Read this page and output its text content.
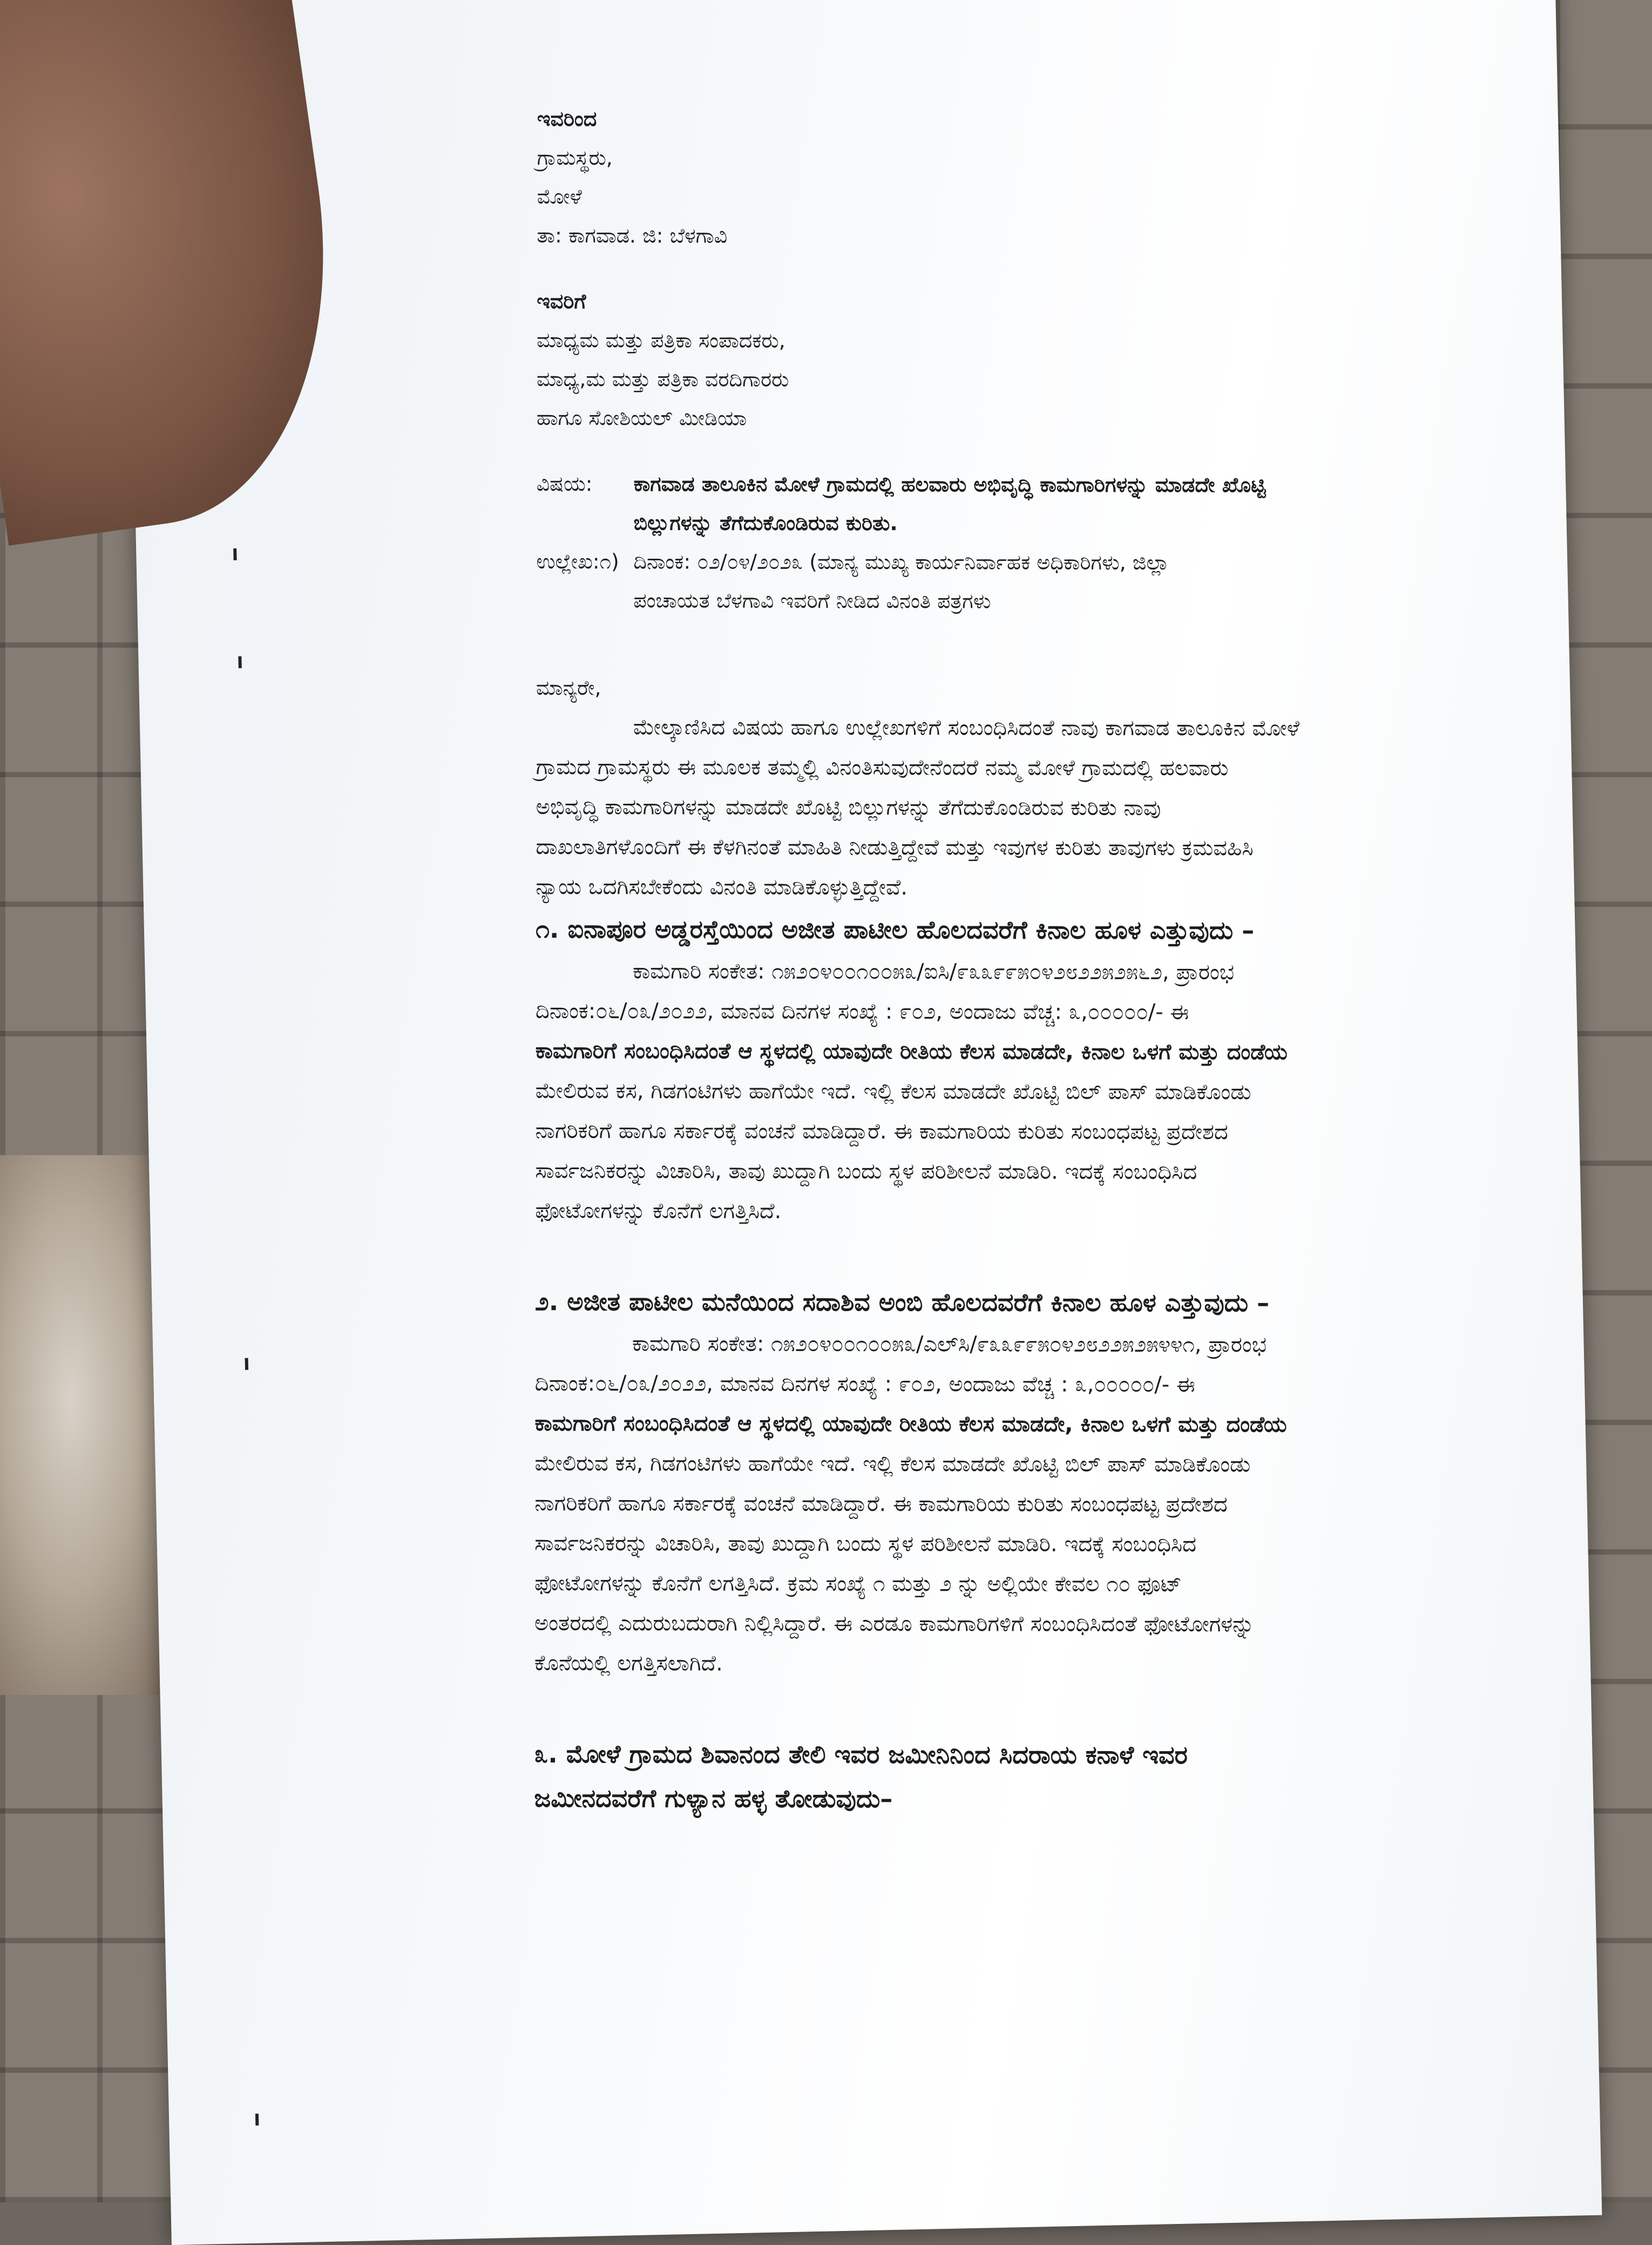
ಇವರಿಂದ
ಗ್ರಾಮಸ್ಥರು,
ಮೋಳೆ
ತಾ: ಕಾಗವಾಡ. ಜಿ: ಬೆಳಗಾವಿ
ಇವರಿಗೆ
ಮಾಧ್ಯಮ ಮತ್ತು ಪತ್ರಿಕಾ ಸಂಪಾದಕರು,
ಮಾಧ್ಯ,ಮ ಮತ್ತು ಪತ್ರಿಕಾ ವರದಿಗಾರರು
ಹಾಗೂ ಸೋಶಿಯಲ್ ಮೀಡಿಯಾ
ವಿಷಯ:	ಕಾಗವಾಡ ತಾಲೂಕಿನ ಮೋಳೆ ಗ್ರಾಮದಲ್ಲಿ ಹಲವಾರು ಅಭಿವೃದ್ಧಿ ಕಾಮಗಾರಿಗಳನ್ನು ಮಾಡದೇ ಖೊಟ್ಟಿ
ಬಿಲ್ಲುಗಳನ್ನು ತೆಗೆದುಕೊಂಡಿರುವ ಕುರಿತು.
ಉಲ್ಲೇಖ:೧) ದಿನಾಂಕ: ೦೨/೦೪/೨೦೨೩ (ಮಾನ್ಯ ಮುಖ್ಯ ಕಾರ್ಯನಿರ್ವಾಹಕ ಅಧಿಕಾರಿಗಳು, ಜಿಲ್ಲಾ
ಪಂಚಾಯತ ಬೆಳಗಾವಿ ಇವರಿಗೆ ನೀಡಿದ ವಿನಂತಿ ಪತ್ರಗಳು
ಮಾನ್ಯರೇ,
ಮೇಲ್ಕಾಣಿಸಿದ ವಿಷಯ ಹಾಗೂ ಉಲ್ಲೇಖಗಳಿಗೆ ಸಂಬಂಧಿಸಿದಂತೆ ನಾವು ಕಾಗವಾಡ ತಾಲೂಕಿನ ಮೋಳೆ
ಗ್ರಾಮದ ಗ್ರಾಮಸ್ಥರು ಈ ಮೂಲಕ ತಮ್ಮಲ್ಲಿ ವಿನಂತಿಸುವುದೇನೆಂದರೆ ನಮ್ಮ ಮೋಳೆ ಗ್ರಾಮದಲ್ಲಿ ಹಲವಾರು
ಅಭಿವೃದ್ಧಿ ಕಾಮಗಾರಿಗಳನ್ನು ಮಾಡದೇ ಖೊಟ್ಟಿ ಬಿಲ್ಲುಗಳನ್ನು ತೆಗೆದುಕೊಂಡಿರುವ ಕುರಿತು ನಾವು
ದಾಖಲಾತಿಗಳೊಂದಿಗೆ ಈ ಕೆಳಗಿನಂತೆ ಮಾಹಿತಿ ನೀಡುತ್ತಿದ್ದೇವೆ ಮತ್ತು ಇವುಗಳ ಕುರಿತು ತಾವುಗಳು ಕ್ರಮವಹಿಸಿ
ನ್ಯಾಯ ಒದಗಿಸಬೇಕೆಂದು ವಿನಂತಿ ಮಾಡಿಕೊಳ್ಳುತ್ತಿದ್ದೇವೆ.
೧. ಐನಾಪೂರ ಅಡ್ಡರಸ್ತೆಯಿಂದ ಅಜೀತ ಪಾಟೀಲ ಹೊಲದವರೆಗೆ ಕಿನಾಲ ಹೂಳ ಎತ್ತುವುದು –
ಕಾಮಗಾರಿ ಸಂಕೇತ: ೧೫೨೦೪೦೦೧೦೦೫೩/ಐಸಿ/೯೩೩೯೯೫೦೪೨೮೨೨೫೨೫೬೨, ಪ್ರಾರಂಭ
ದಿನಾಂಕ:೦೬/೦೩/೨೦೨೨, ಮಾನವ ದಿನಗಳ ಸಂಖ್ಯೆ : ೯೦೨, ಅಂದಾಜು ವೆಚ್ಚ: ೩,೦೦೦೦೦/- ಈ
ಕಾಮಗಾರಿಗೆ ಸಂಬಂಧಿಸಿದಂತೆ ಆ ಸ್ಥಳದಲ್ಲಿ ಯಾವುದೇ ರೀತಿಯ ಕೆಲಸ ಮಾಡದೇ, ಕಿನಾಲ ಒಳಗೆ ಮತ್ತು ದಂಡೆಯ
ಮೇಲಿರುವ ಕಸ, ಗಿಡಗಂಟಿಗಳು ಹಾಗೆಯೇ ಇದೆ. ಇಲ್ಲಿ ಕೆಲಸ ಮಾಡದೇ ಖೊಟ್ಟಿ ಬಿಲ್ ಪಾಸ್ ಮಾಡಿಕೊಂಡು
ನಾಗರಿಕರಿಗೆ ಹಾಗೂ ಸರ್ಕಾರಕ್ಕೆ ವಂಚನೆ ಮಾಡಿದ್ದಾರೆ. ಈ ಕಾಮಗಾರಿಯ ಕುರಿತು ಸಂಬಂಧಪಟ್ಟ ಪ್ರದೇಶದ
ಸಾರ್ವಜನಿಕರನ್ನು ವಿಚಾರಿಸಿ, ತಾವು ಖುದ್ದಾಗಿ ಬಂದು ಸ್ಥಳ ಪರಿಶೀಲನೆ ಮಾಡಿರಿ. ಇದಕ್ಕೆ ಸಂಬಂಧಿಸಿದ
ಫೋಟೋಗಳನ್ನು ಕೊನೆಗೆ ಲಗತ್ತಿಸಿದೆ.
೨. ಅಜೀತ ಪಾಟೀಲ ಮನೆಯಿಂದ ಸದಾಶಿವ ಅಂಬಿ ಹೊಲದವರೆಗೆ ಕಿನಾಲ ಹೂಳ ಎತ್ತುವುದು –
ಕಾಮಗಾರಿ ಸಂಕೇತ: ೧೫೨೦೪೦೦೧೦೦೫೩/ಎಲ್‌ಸಿ/೯೩೩೯೯೫೦೪೨೮೨೨೫೨೫೪೪೧, ಪ್ರಾರಂಭ
ದಿನಾಂಕ:೦೬/೦೩/೨೦೨೨, ಮಾನವ ದಿನಗಳ ಸಂಖ್ಯೆ : ೯೦೨, ಅಂದಾಜು ವೆಚ್ಚ : ೩,೦೦೦೦೦/- ಈ
ಕಾಮಗಾರಿಗೆ ಸಂಬಂಧಿಸಿದಂತೆ ಆ ಸ್ಥಳದಲ್ಲಿ ಯಾವುದೇ ರೀತಿಯ ಕೆಲಸ ಮಾಡದೇ, ಕಿನಾಲ ಒಳಗೆ ಮತ್ತು ದಂಡೆಯ
ಮೇಲಿರುವ ಕಸ, ಗಿಡಗಂಟಿಗಳು ಹಾಗೆಯೇ ಇದೆ. ಇಲ್ಲಿ ಕೆಲಸ ಮಾಡದೇ ಖೊಟ್ಟಿ ಬಿಲ್ ಪಾಸ್ ಮಾಡಿಕೊಂಡು
ನಾಗರಿಕರಿಗೆ ಹಾಗೂ ಸರ್ಕಾರಕ್ಕೆ ವಂಚನೆ ಮಾಡಿದ್ದಾರೆ. ಈ ಕಾಮಗಾರಿಯ ಕುರಿತು ಸಂಬಂಧಪಟ್ಟ ಪ್ರದೇಶದ
ಸಾರ್ವಜನಿಕರನ್ನು ವಿಚಾರಿಸಿ, ತಾವು ಖುದ್ದಾಗಿ ಬಂದು ಸ್ಥಳ ಪರಿಶೀಲನೆ ಮಾಡಿರಿ. ಇದಕ್ಕೆ ಸಂಬಂಧಿಸಿದ
ಫೋಟೋಗಳನ್ನು ಕೊನೆಗೆ ಲಗತ್ತಿಸಿದೆ. ಕ್ರಮ ಸಂಖ್ಯೆ ೧ ಮತ್ತು ೨ ನ್ನು ಅಲ್ಲಿಯೇ ಕೇವಲ ೧೦ ಫೂಟ್
ಅಂತರದಲ್ಲಿ ಎದುರುಬದುರಾಗಿ ನಿಲ್ಲಿಸಿದ್ದಾರೆ. ಈ ಎರಡೂ ಕಾಮಗಾರಿಗಳಿಗೆ ಸಂಬಂಧಿಸಿದಂತೆ ಫೋಟೋಗಳನ್ನು
ಕೊನೆಯಲ್ಲಿ ಲಗತ್ತಿಸಲಾಗಿದೆ.
೩. ಮೋಳೆ ಗ್ರಾಮದ ಶಿವಾನಂದ ತೇಲಿ ಇವರ ಜಮೀನಿನಿಂದ ಸಿದರಾಯ ಕನಾಳೆ ಇವರ
ಜಮೀನದವರೆಗೆ ಗುಳ್ಯಾನ ಹಳ್ಳ ತೋಡುವುದು–
